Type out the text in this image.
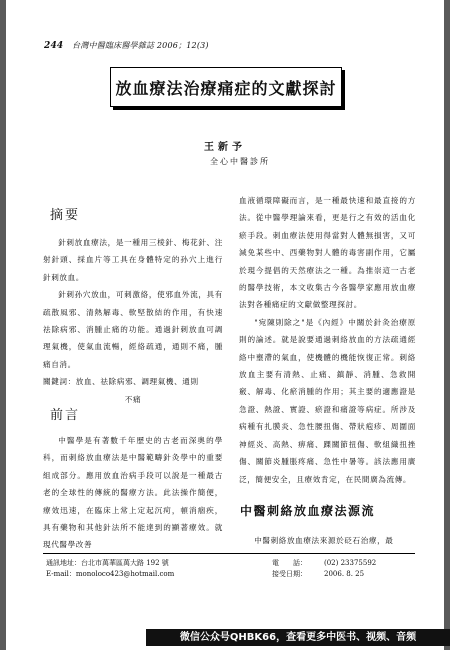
244 台灣中醫臨床醫學雜誌 2006；12(3)
放血療法治療痛症的文獻探討
王新予
全心中醫診所
摘要

針刺放血療法，是一種用三棱針、梅花針、注射針頭、採血片等工具在身體特定的孙穴上進行針刺放血。

針刺孙穴放血，可刺激絡，使邪血外流，具有疏散風邪、清熱解毒、軟堅散結的作用，有快速祛除病邪、消腫止痛的功能。通過針刺放血可調理氣機，使氣血流暢，經絡疏通，通則不痛，腫痛自消。

關鍵詞：放血、祛除病邪、調理氣機、通則

不痛

前言

中醫學是有著數千年歷史的古老而深奧的學科，而刺絡放血療法是中醫範疇針灸學中的重要組成部分。應用放血治病手段可以說是一種最古老的全球性的傳統的醫療方法。此法操作簡便，療效迅速，在臨床上常上定起沉疴，頓消痼疾，具有藥物和其他針法所不能達到的顯著療效。就現代醫學改善

血液循環障礙而言，是一種最快速和最直接的方法。從中醫學理論來看，更是行之有效的活血化瘀手段。刺血療法使用得當對人體無損害，又可減免某些中、西藥物對人體的毒害副作用，它屬於現今提倡的天然療法之一種。為推崇這一古老的醫學技術，本文收集古今各醫學家應用放血療法對各種痛症的文獻做整理探討。

"宛陳則除之"是《內經》中關於針灸治療原則的論述。就是說要通過刺絡放血的方法疏通經絡中壅滯的氣血，使機體的機能恢復正常。刺絡放血主要有清熱、止痛、鎮靜、消腫、急救開竅、解毒、化瘀消腫的作用；其主要的適應證是急證、熱證、實證、瘀證和痛證等病症。所涉及病種有扎膜炎、急性腰扭傷、帶狀疱疹、周圍面神經炎、高熱、痹痛、踝關節扭傷、軟組織扭挫傷、關節炎腫脹疼痛、急性中暑等。該法應用廣泛，簡便安全，且療效肯定，在民間廣為流傳。

中醫刺絡放血療法源流
中醫刺絡放血療法來源於砭石治療，最
通訊地址：台北市萬華區萬大路 192 號
E-mail：monoloco423@hotmail.com
電　　話： (02) 23375592
接受日期： 2006. 8. 25
微信公众号QHBK66，查看更多中医书、视频、音频
